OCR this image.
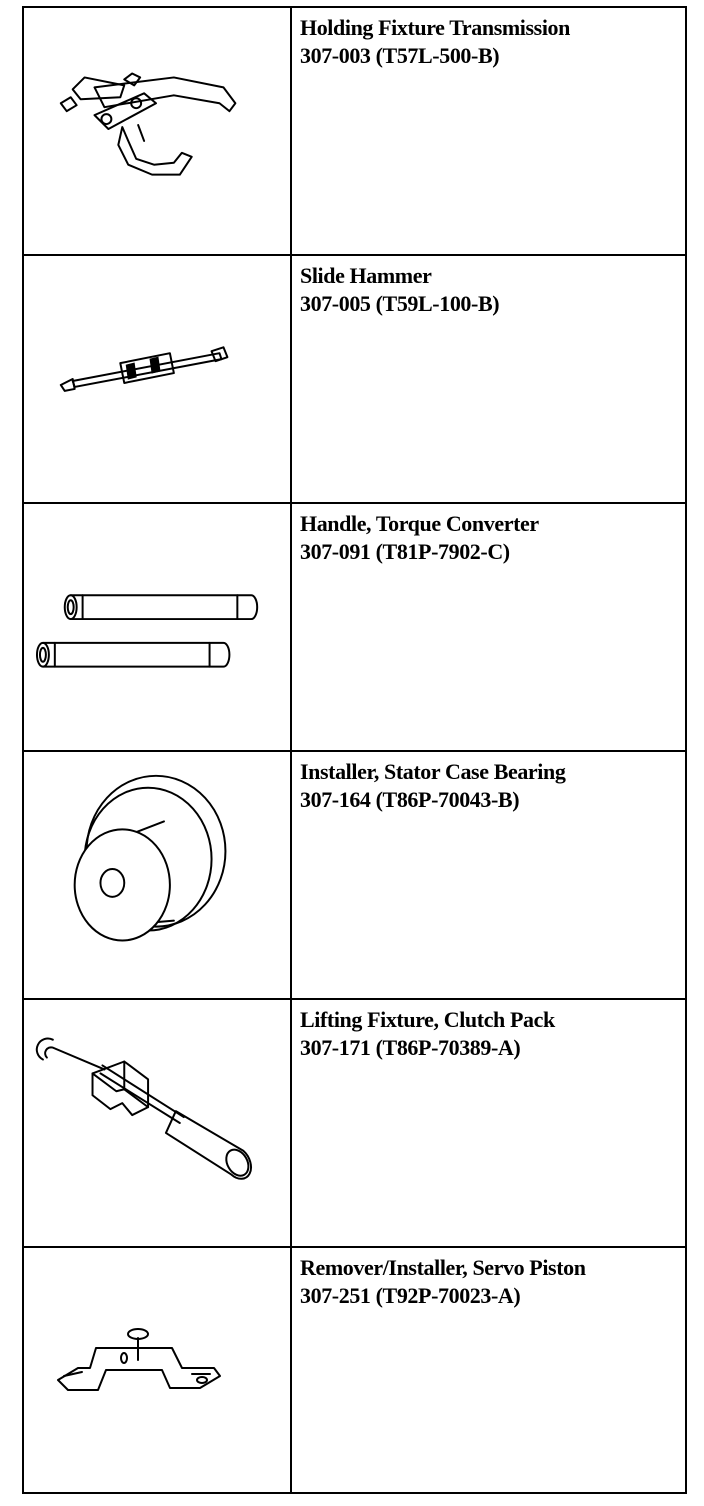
Holding Fixture Transmission
307-003 (T57L-500-B)
Slide Hammer
307-005 (T59L-100-B)
Handle, Torque Converter
307-091 (T81P-7902-C)
Installer, Stator Case Bearing
307-164 (T86P-70043-B)
Lifting Fixture, Clutch Pack
307-171 (T86P-70389-A)
Remover/Installer, Servo Piston
307-251 (T92P-70023-A)
